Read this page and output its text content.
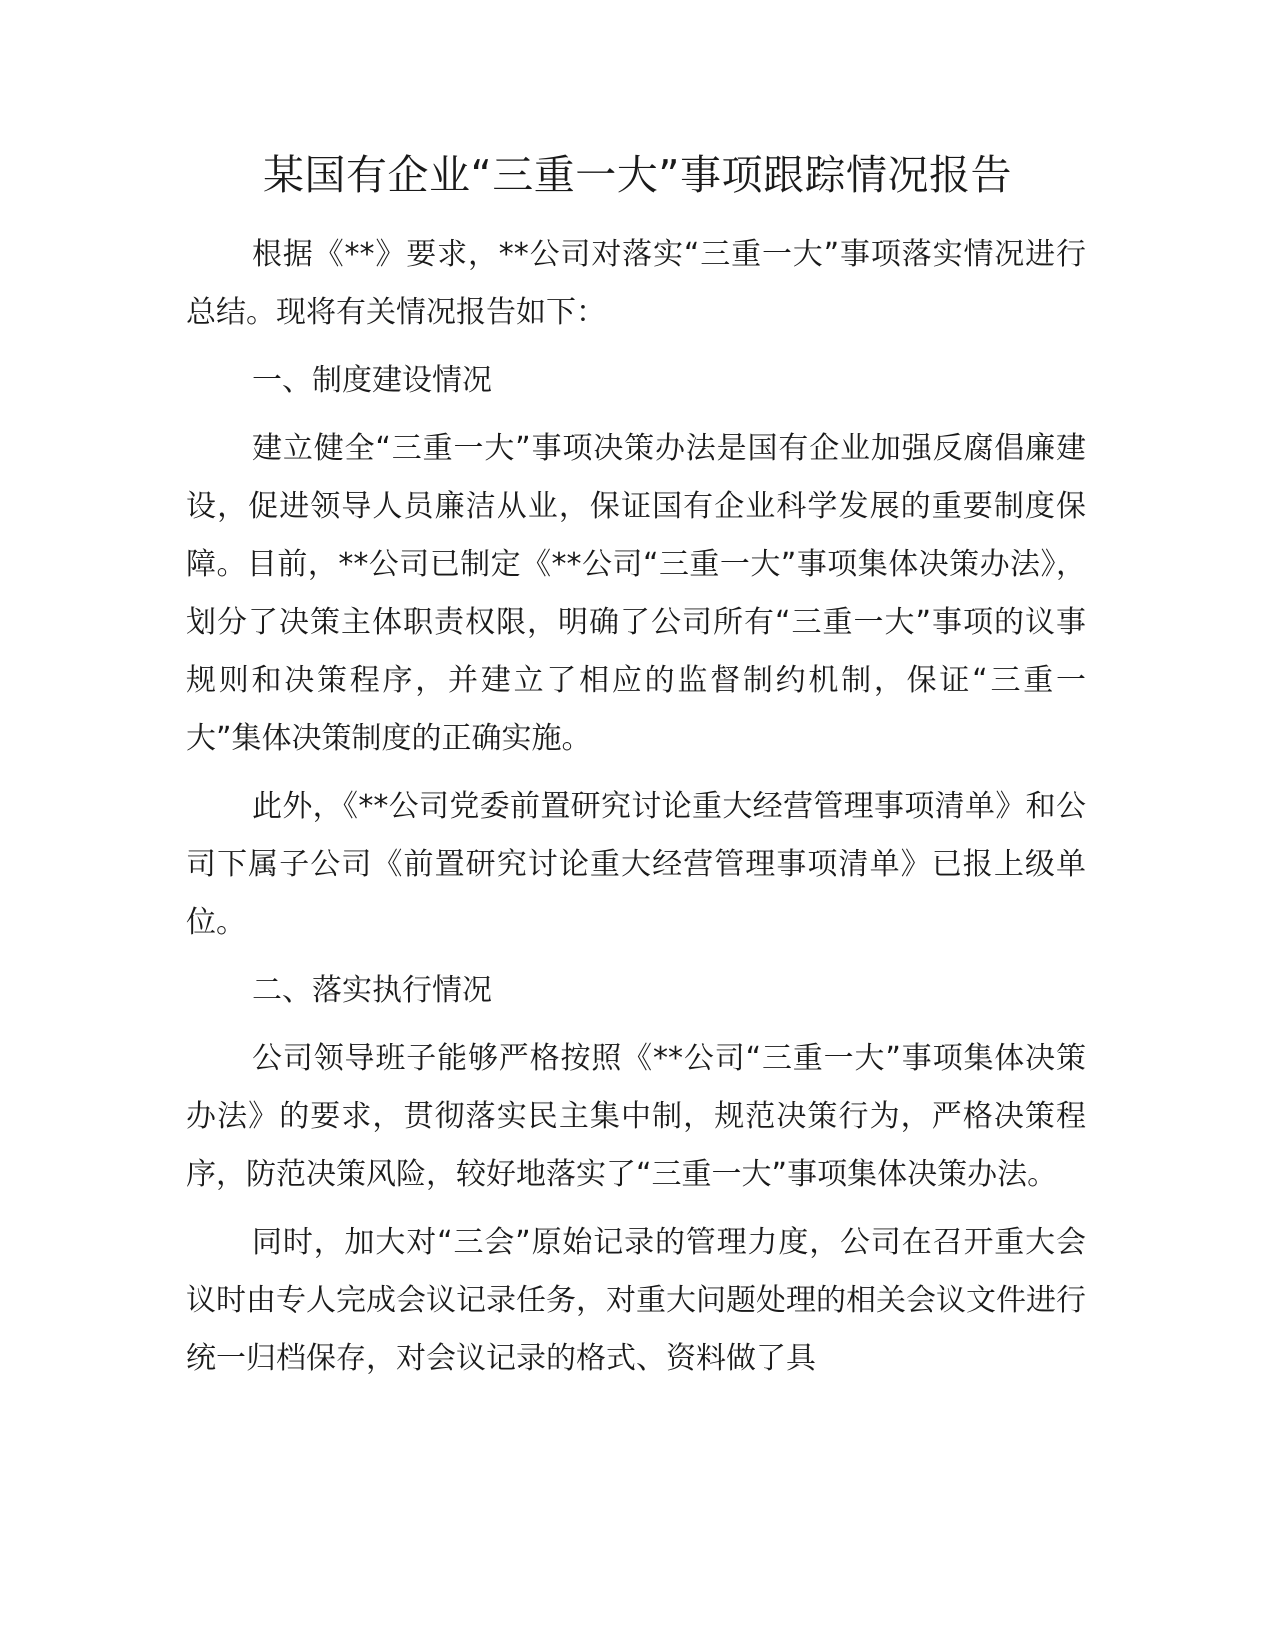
某国有企业“三重一大”事项跟踪情况报告

根据《**》要求，**公司对落实“三重一大”事项落实情况进行总结。现将有关情况报告如下：

一、制度建设情况

建立健全“三重一大”事项决策办法是国有企业加强反腐倡廉建设，促进领导人员廉洁从业，保证国有企业科学发展的重要制度保障。目前，**公司已制定《**公司“三重一大”事项集体决策办法》，划分了决策主体职责权限，明确了公司所有“三重一大”事项的议事规则和决策程序，并建立了相应的监督制约机制，保证“三重一大”集体决策制度的正确实施。

此外，《**公司党委前置研究讨论重大经营管理事项清单》和公司下属子公司《前置研究讨论重大经营管理事项清单》已报上级单位。

二、落实执行情况

公司领导班子能够严格按照《**公司“三重一大”事项集体决策办法》的要求，贯彻落实民主集中制，规范决策行为，严格决策程序，防范决策风险，较好地落实了“三重一大”事项集体决策办法。

同时，加大对“三会”原始记录的管理力度，公司在召开重大会议时由专人完成会议记录任务，对重大问题处理的相关会议文件进行统一归档保存，对会议记录的格式、资料做了具
